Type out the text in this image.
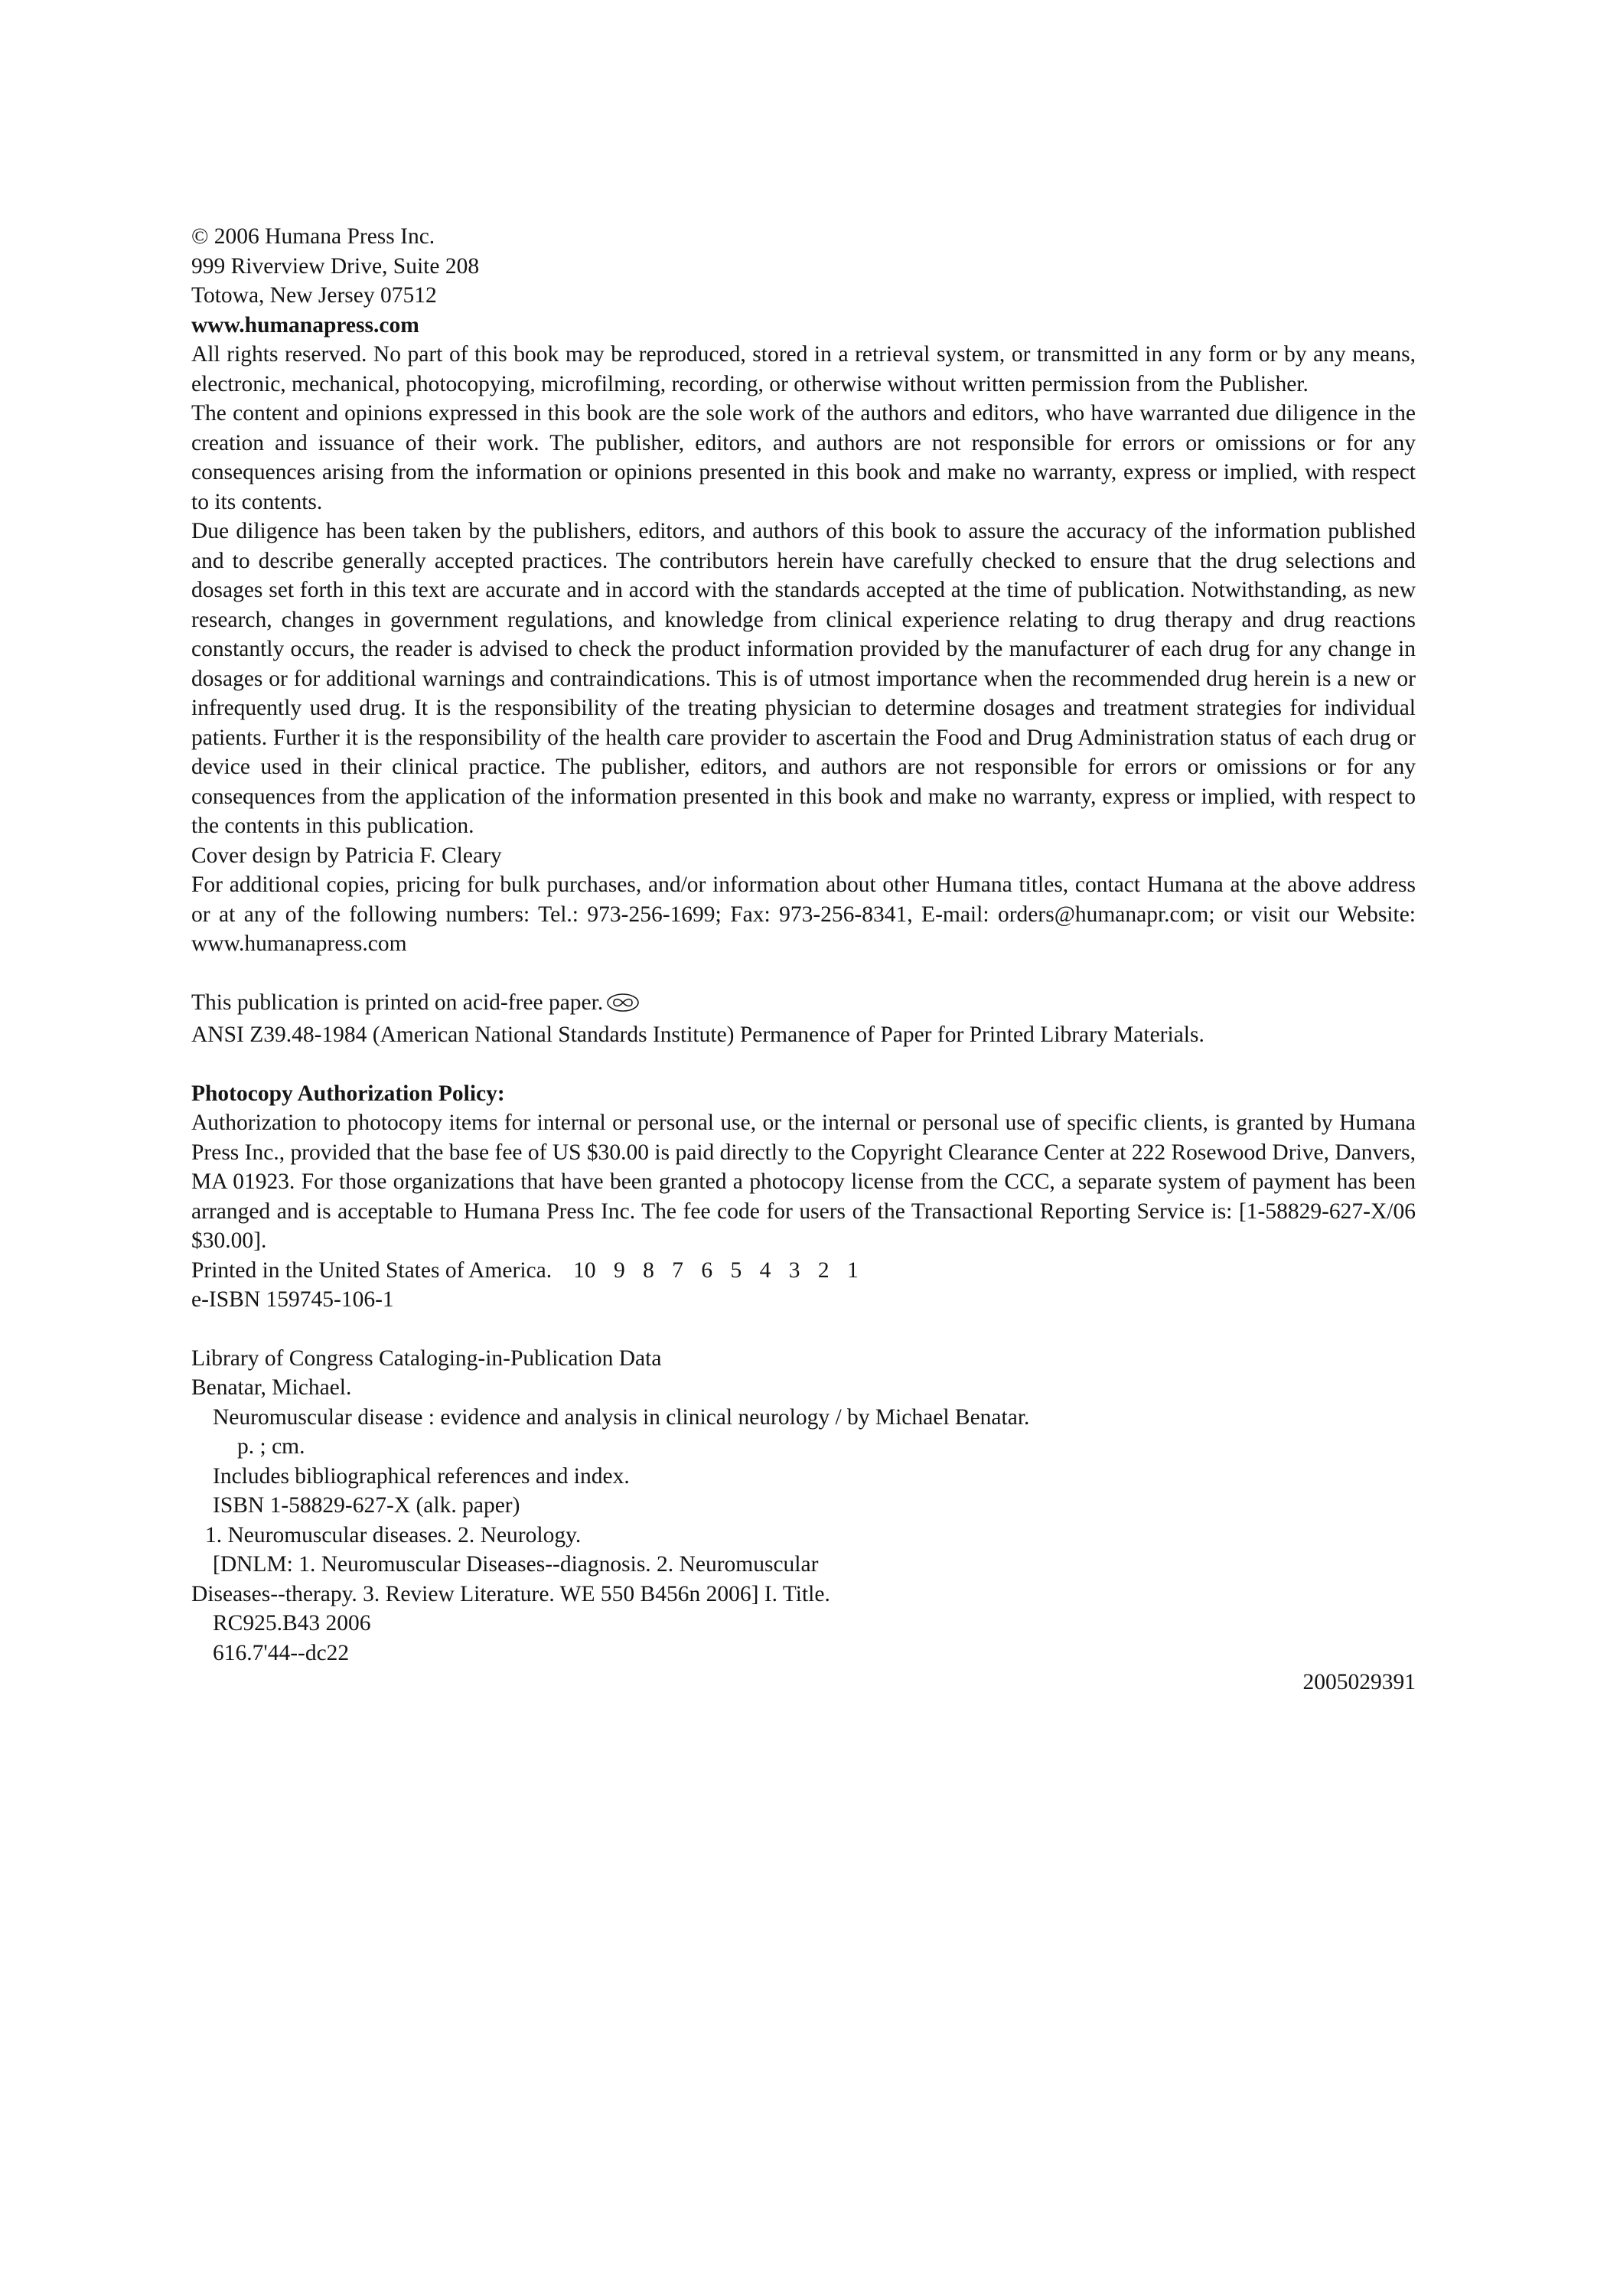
© 2006 Humana Press Inc.

999 Riverview Drive, Suite 208

Totowa, New Jersey 07512

www.humanapress.com

All rights reserved. No part of this book may be reproduced, stored in a retrieval system, or transmitted in any form or by any means, electronic, mechanical, photocopying, microfilming, recording, or otherwise without written permission from the Publisher.

The content and opinions expressed in this book are the sole work of the authors and editors, who have warranted due diligence in the creation and issuance of their work. The publisher, editors, and authors are not responsible for errors or omissions or for any consequences arising from the information or opinions presented in this book and make no warranty, express or implied, with respect to its contents.

Due diligence has been taken by the publishers, editors, and authors of this book to assure the accuracy of the information published and to describe generally accepted practices. The contributors herein have carefully checked to ensure that the drug selections and dosages set forth in this text are accurate and in accord with the standards accepted at the time of publication. Notwithstanding, as new research, changes in government regulations, and knowledge from clinical experience relating to drug therapy and drug reactions constantly occurs, the reader is advised to check the product information provided by the manufacturer of each drug for any change in dosages or for additional warnings and contraindications. This is of utmost importance when the recommended drug herein is a new or infrequently used drug. It is the responsibility of the treating physician to determine dosages and treatment strategies for individual patients. Further it is the responsibility of the health care provider to ascertain the Food and Drug Administration status of each drug or device used in their clinical practice. The publisher, editors, and authors are not responsible for errors or omissions or for any consequences from the application of the information presented in this book and make no warranty, express or implied, with respect to the contents in this publication.

Cover design by Patricia F. Cleary

For additional copies, pricing for bulk purchases, and/or information about other Humana titles, contact Humana at the above address or at any of the following numbers: Tel.: 973-256-1699; Fax: 973-256-8341, E-mail: orders@humanapr.com; or visit our Website: www.humanapress.com

This publication is printed on acid-free paper.

ANSI Z39.48-1984 (American National Standards Institute) Permanence of Paper for Printed Library Materials.

Photocopy Authorization Policy:

Authorization to photocopy items for internal or personal use, or the internal or personal use of specific clients, is granted by Humana Press Inc., provided that the base fee of US $30.00 is paid directly to the Copyright Clearance Center at 222 Rosewood Drive, Danvers, MA 01923. For those organizations that have been granted a photocopy license from the CCC, a separate system of payment has been arranged and is acceptable to Humana Press Inc. The fee code for users of the Transactional Reporting Service is: [1-58829-627-X/06 $30.00].

Printed in the United States of America. 10 9 8 7 6 5 4 3 2 1

e-ISBN 159745-106-1

Library of Congress Cataloging-in-Publication Data

Benatar, Michael.

Neuromuscular disease : evidence and analysis in clinical neurology / by Michael Benatar.

p. ; cm.

Includes bibliographical references and index.

ISBN 1-58829-627-X (alk. paper)

1. Neuromuscular diseases. 2. Neurology.

[DNLM: 1. Neuromuscular Diseases--diagnosis. 2. Neuromuscular

Diseases--therapy. 3. Review Literature. WE 550 B456n 2006] I. Title.

RC925.B43 2006

616.7'44--dc22

2005029391
